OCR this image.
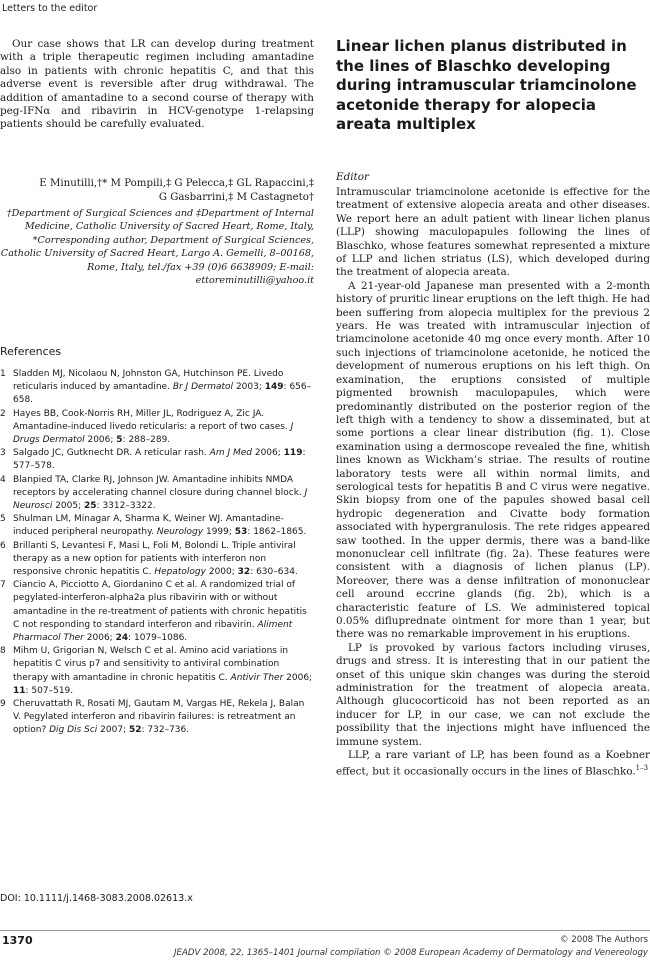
Letters to the editor

Our case shows that LR can develop during treatment with a triple therapeutic regimen including amantadine also in patients with chronic hepatitis C, and that this adverse event is reversible after drug withdrawal. The addition of amantadine to a second course of therapy with peg-IFNα and ribavirin in HCV-genotype 1-relapsing patients should be carefully evaluated.

E Minutilli,†* M Pompili,‡ G Pelecca,‡ GL Rapaccini,‡
G Gasbarrini,‡ M Castagneto†
†Department of Surgical Sciences and ‡Department of Internal Medicine, Catholic University of Sacred Heart, Rome, Italy, *Corresponding author, Department of Surgical Sciences, Catholic University of Sacred Heart, Largo A. Gemelli, 8–00168, Rome, Italy, tel./fax +39 (0)6 6638909; E-mail: ettoreminutilli@yahoo.it
References
1 Sladden MJ, Nicolaou N, Johnston GA, Hutchinson PE. Livedo reticularis induced by amantadine. Br J Dermatol 2003; 149: 656–658.
2 Hayes BB, Cook-Norris RH, Miller JL, Rodriguez A, Zic JA. Amantadine-induced livedo reticularis: a report of two cases. J Drugs Dermatol 2006; 5: 288–289.
3 Salgado JC, Gutknecht DR. A reticular rash. Am J Med 2006; 119: 577–578.
4 Blanpied TA, Clarke RJ, Johnson JW. Amantadine inhibits NMDA receptors by accelerating channel closure during channel block. J Neurosci 2005; 25: 3312–3322.
5 Shulman LM, Minagar A, Sharma K, Weiner WJ. Amantadine-induced peripheral neuropathy. Neurology 1999; 53: 1862–1865.
6 Brillanti S, Levantesi F, Masi L, Foli M, Bolondi L. Triple antiviral therapy as a new option for patients with interferon non responsive chronic hepatitis C. Hepatology 2000; 32: 630–634.
7 Ciancio A, Picciotto A, Giordanino C et al. A randomized trial of pegylated-interferon-alpha2a plus ribavirin with or without amantadine in the re-treatment of patients with chronic hepatitis C not responding to standard interferon and ribavirin. Aliment Pharmacol Ther 2006; 24: 1079–1086.
8 Mihm U, Grigorian N, Welsch C et al. Amino acid variations in hepatitis C virus p7 and sensitivity to antiviral combination therapy with amantadine in chronic hepatitis C. Antivir Ther 2006; 11: 507–519.
9 Cheruvattath R, Rosati MJ, Gautam M, Vargas HE, Rekela J, Balan V. Pegylated interferon and ribavirin failures: is retreatment an option? Dig Dis Sci 2007; 52: 732–736.
DOI: 10.1111/j.1468-3083.2008.02613.x
Linear lichen planus distributed in the lines of Blaschko developing during intramuscular triamcinolone acetonide therapy for alopecia areata multiplex
Editor

Intramuscular triamcinolone acetonide is effective for the treatment of extensive alopecia areata and other diseases. We report here an adult patient with linear lichen planus (LLP) showing maculopapules following the lines of Blaschko, whose features somewhat represented a mixture of LLP and lichen striatus (LS), which developed during the treatment of alopecia areata.

A 21-year-old Japanese man presented with a 2-month history of pruritic linear eruptions on the left thigh. He had been suffering from alopecia multiplex for the previous 2 years. He was treated with intramuscular injection of triamcinolone acetonide 40 mg once every month. After 10 such injections of triamcinolone acetonide, he noticed the development of numerous eruptions on his left thigh. On examination, the eruptions consisted of multiple pigmented brownish maculopapules, which were predominantly distributed on the posterior region of the left thigh with a tendency to show a disseminated, but at some portions a clear linear distribution (fig. 1). Close examination using a dermoscope revealed the fine, whitish lines known as Wickham’s striae. The results of routine laboratory tests were all within normal limits, and serological tests for hepatitis B and C virus were negative. Skin biopsy from one of the papules showed basal cell hydropic degeneration and Civatte body formation associated with hypergranulosis. The rete ridges appeared saw toothed. In the upper dermis, there was a band-like mononuclear cell infiltrate (fig. 2a). These features were consistent with a diagnosis of lichen planus (LP). Moreover, there was a dense infiltration of mononuclear cell around eccrine glands (fig. 2b), which is a characteristic feature of LS. We administered topical 0.05% difluprednate ointment for more than 1 year, but there was no remarkable improvement in his eruptions.

LP is provoked by various factors including viruses, drugs and stress. It is interesting that in our patient the onset of this unique skin changes was during the steroid administration for the treatment of alopecia areata. Although glucocorticoid has not been reported as an inducer for LP, in our case, we can not exclude the possibility that the injections might have influenced the immune system.

LLP, a rare variant of LP, has been found as a Koebner effect, but it occasionally occurs in the lines of Blaschko.$^{1-3}$

1370	© 2008 The Authors
JEADV 2008, 22, 1365–1401 Journal compilation © 2008 European Academy of Dermatology and Venereology
